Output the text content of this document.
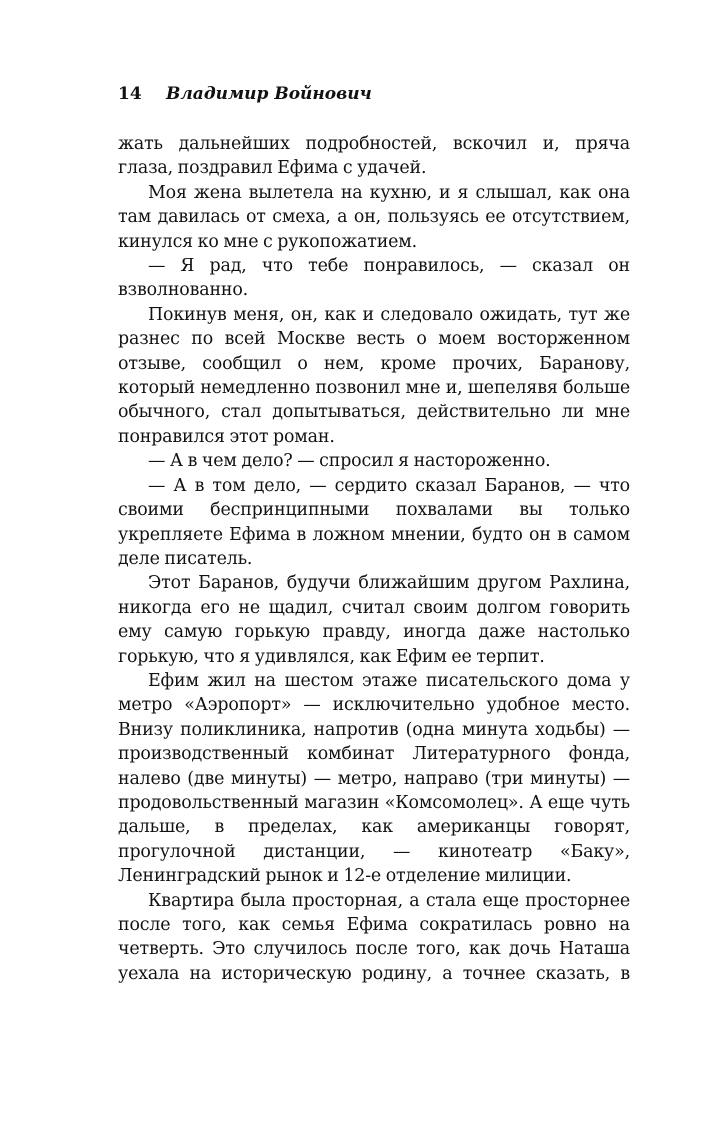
14 Владимир Войнович

жать дальнейших подробностей, вскочил и, пряча глаза, поздравил Ефима с удачей.

Моя жена вылетела на кухню, и я слышал, как она там давилась от смеха, а он, пользуясь ее отсутствием, кинулся ко мне с рукопожатием.

— Я рад, что тебе понравилось, — сказал он взволнованно.

Покинув меня, он, как и следовало ожидать, тут же разнес по всей Москве весть о моем восторженном отзыве, сообщил о нем, кроме прочих, Баранову, который немедленно позвонил мне и, шепелявя больше обычного, стал допытываться, действительно ли мне понравился этот роман.

— А в чем дело? — спросил я настороженно.

— А в том дело, — сердито сказал Баранов, — что своими беспринципными похвалами вы только укрепляете Ефима в ложном мнении, будто он в самом деле писатель.

Этот Баранов, будучи ближайшим другом Рахлина, никогда его не щадил, считал своим долгом говорить ему самую горькую правду, иногда даже настолько горькую, что я удивлялся, как Ефим ее терпит.

Ефим жил на шестом этаже писательского дома у метро «Аэропорт» — исключительно удобное место. Внизу поликлиника, напротив (одна минута ходьбы) — производственный комбинат Литературного фонда, налево (две минуты) — метро, направо (три минуты) — продовольственный магазин «Комсомолец». А еще чуть дальше, в пределах, как американцы говорят, прогулочной дистанции, — кинотеатр «Баку», Ленинградский рынок и 12-е отделение милиции.

Квартира была просторная, а стала еще просторнее после того, как семья Ефима сократилась ровно на четверть. Это случилось после того, как дочь Наташа уехала на историческую родину, а точнее сказать, в
